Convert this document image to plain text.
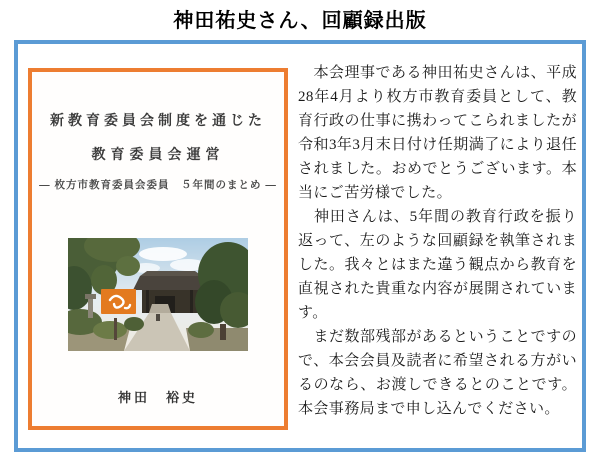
神田祐史さん、回顧録出版
新教育委員会制度を通じた
教育委員会運営
― 枚方市教育委員会委員　５年間のまとめ ―
神田　裕史

　本会理事である神田祐史さんは、平成28年4月より枚方市教育委員として、教育行政の仕事に携わってこられましたが令和3年3月末日付け任期満了により退任されました。おめでとうございます。本当にご苦労様でした。

　神田さんは、5年間の教育行政を振り返って、左のような回顧録を執筆されました。我々とはまた違う観点から教育を直視された貴重な内容が展開されています。

　まだ数部残部があるということですので、本会会員及読者に希望される方がいるのなら、お渡しできるとのことです。本会事務局まで申し込んでください。
